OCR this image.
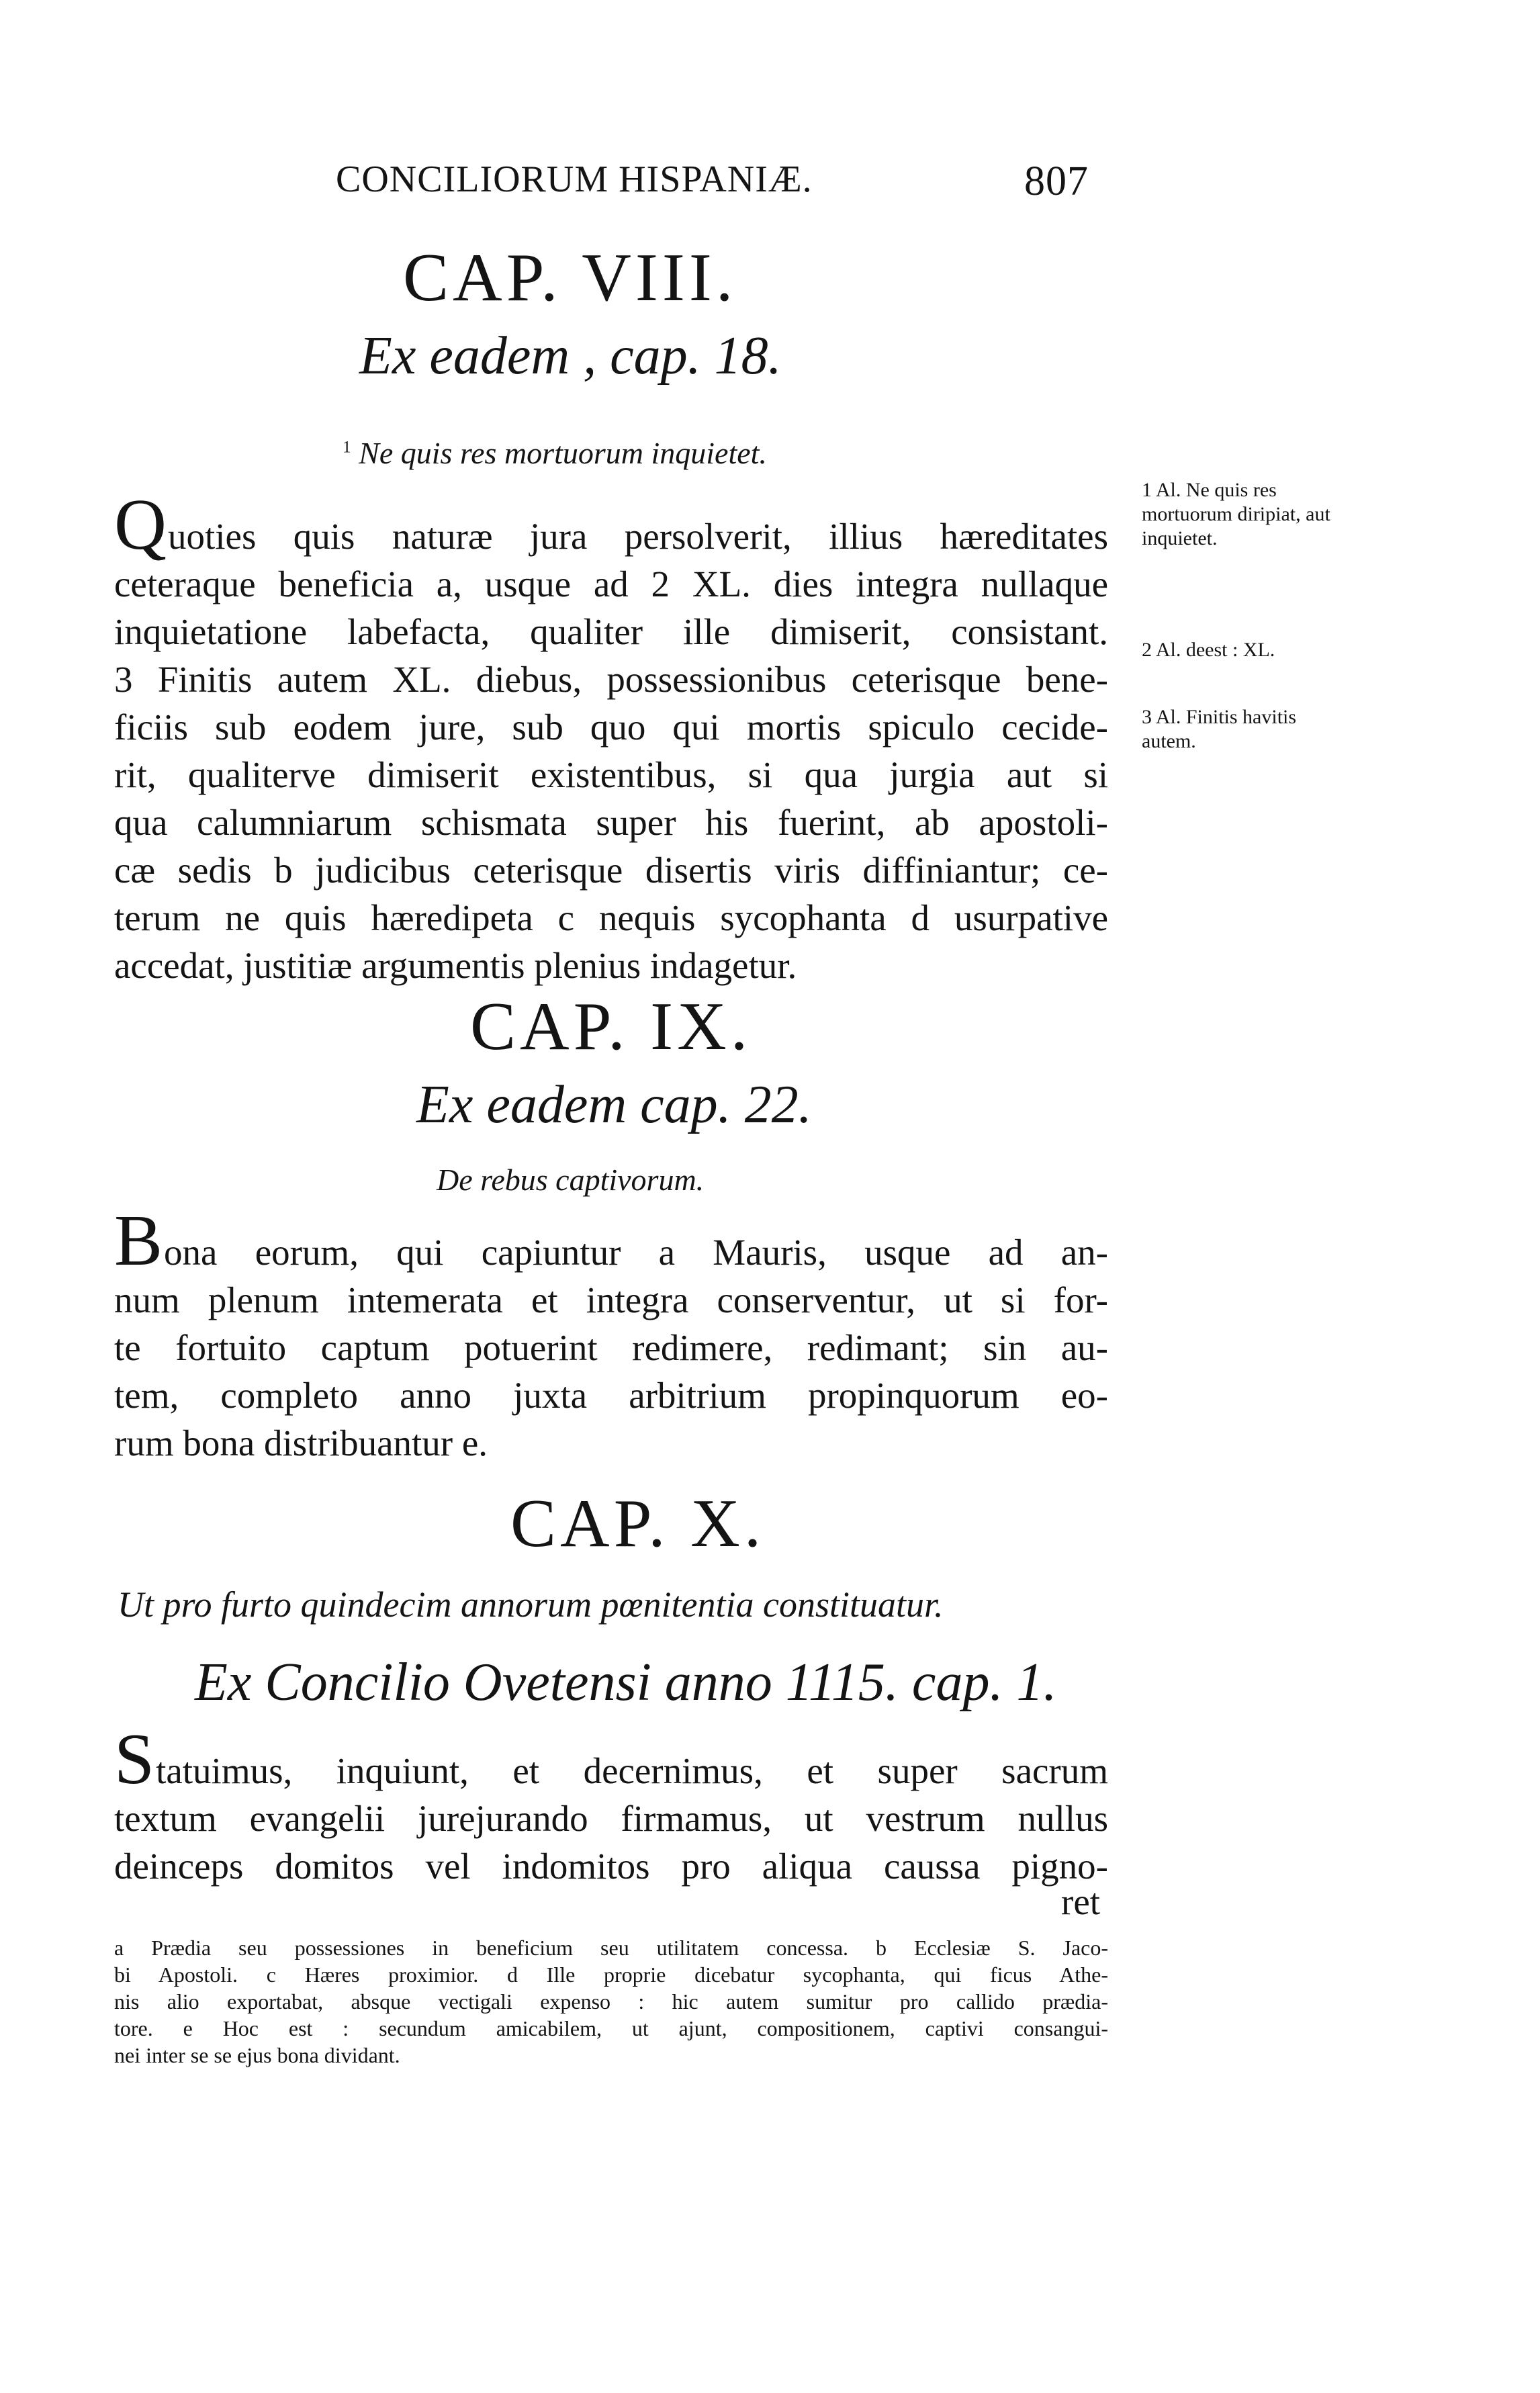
CONCILIORUM HISPANIÆ.	807
CAP. VIII.
Ex eadem , cap. 18.
$^1$ Ne quis res mortuorum inquietet.
Quoties quis naturæ jura persolverit, illius hæreditates
ceteraque beneficia a, usque ad 2 XL. dies integra nullaque
inquietatione labefacta, qualiter ille dimiserit, consistant.
3 Finitis autem XL. diebus, possessionibus ceterisque bene-
ficiis sub eodem jure, sub quo qui mortis spiculo cecide-
rit, qualiterve dimiserit existentibus, si qua jurgia aut si
qua calumniarum schismata super his fuerint, ab apostoli-
cæ sedis b judicibus ceterisque disertis viris diffiniantur; ce-
terum ne quis hæredipeta c nequis sycophanta d usurpative
accedat, justitiæ argumentis plenius indagetur.
1 Al. Ne quis res mortuorum diripiat, aut inquietet.
2 Al. deest : XL.
3 Al. Finitis havitis autem.
CAP. IX.
Ex eadem cap. 22.
De rebus captivorum.
Bona eorum, qui capiuntur a Mauris, usque ad an-
num plenum intemerata et integra conserventur, ut si for-
te fortuito captum potuerint redimere, redimant; sin au-
tem, completo anno juxta arbitrium propinquorum eo-
rum bona distribuantur e.
CAP. X.
Ut pro furto quindecim annorum pœnitentia constituatur.
Ex Concilio Ovetensi anno 1115. cap. 1.
Statuimus, inquiunt, et decernimus, et super sacrum
textum evangelii jurejurando firmamus, ut vestrum nullus
deinceps domitos vel indomitos pro aliqua caussa pigno-
ret
a Prædia seu possessiones in beneficium seu utilitatem concessa. b Ecclesiæ S. Jaco-
bi Apostoli. c Hæres proximior. d Ille proprie dicebatur sycophanta, qui ficus Athe-
nis alio exportabat, absque vectigali expenso : hic autem sumitur pro callido prædia-
tore. e Hoc est : secundum amicabilem, ut ajunt, compositionem, captivi consangui-
nei inter se se ejus bona dividant.
